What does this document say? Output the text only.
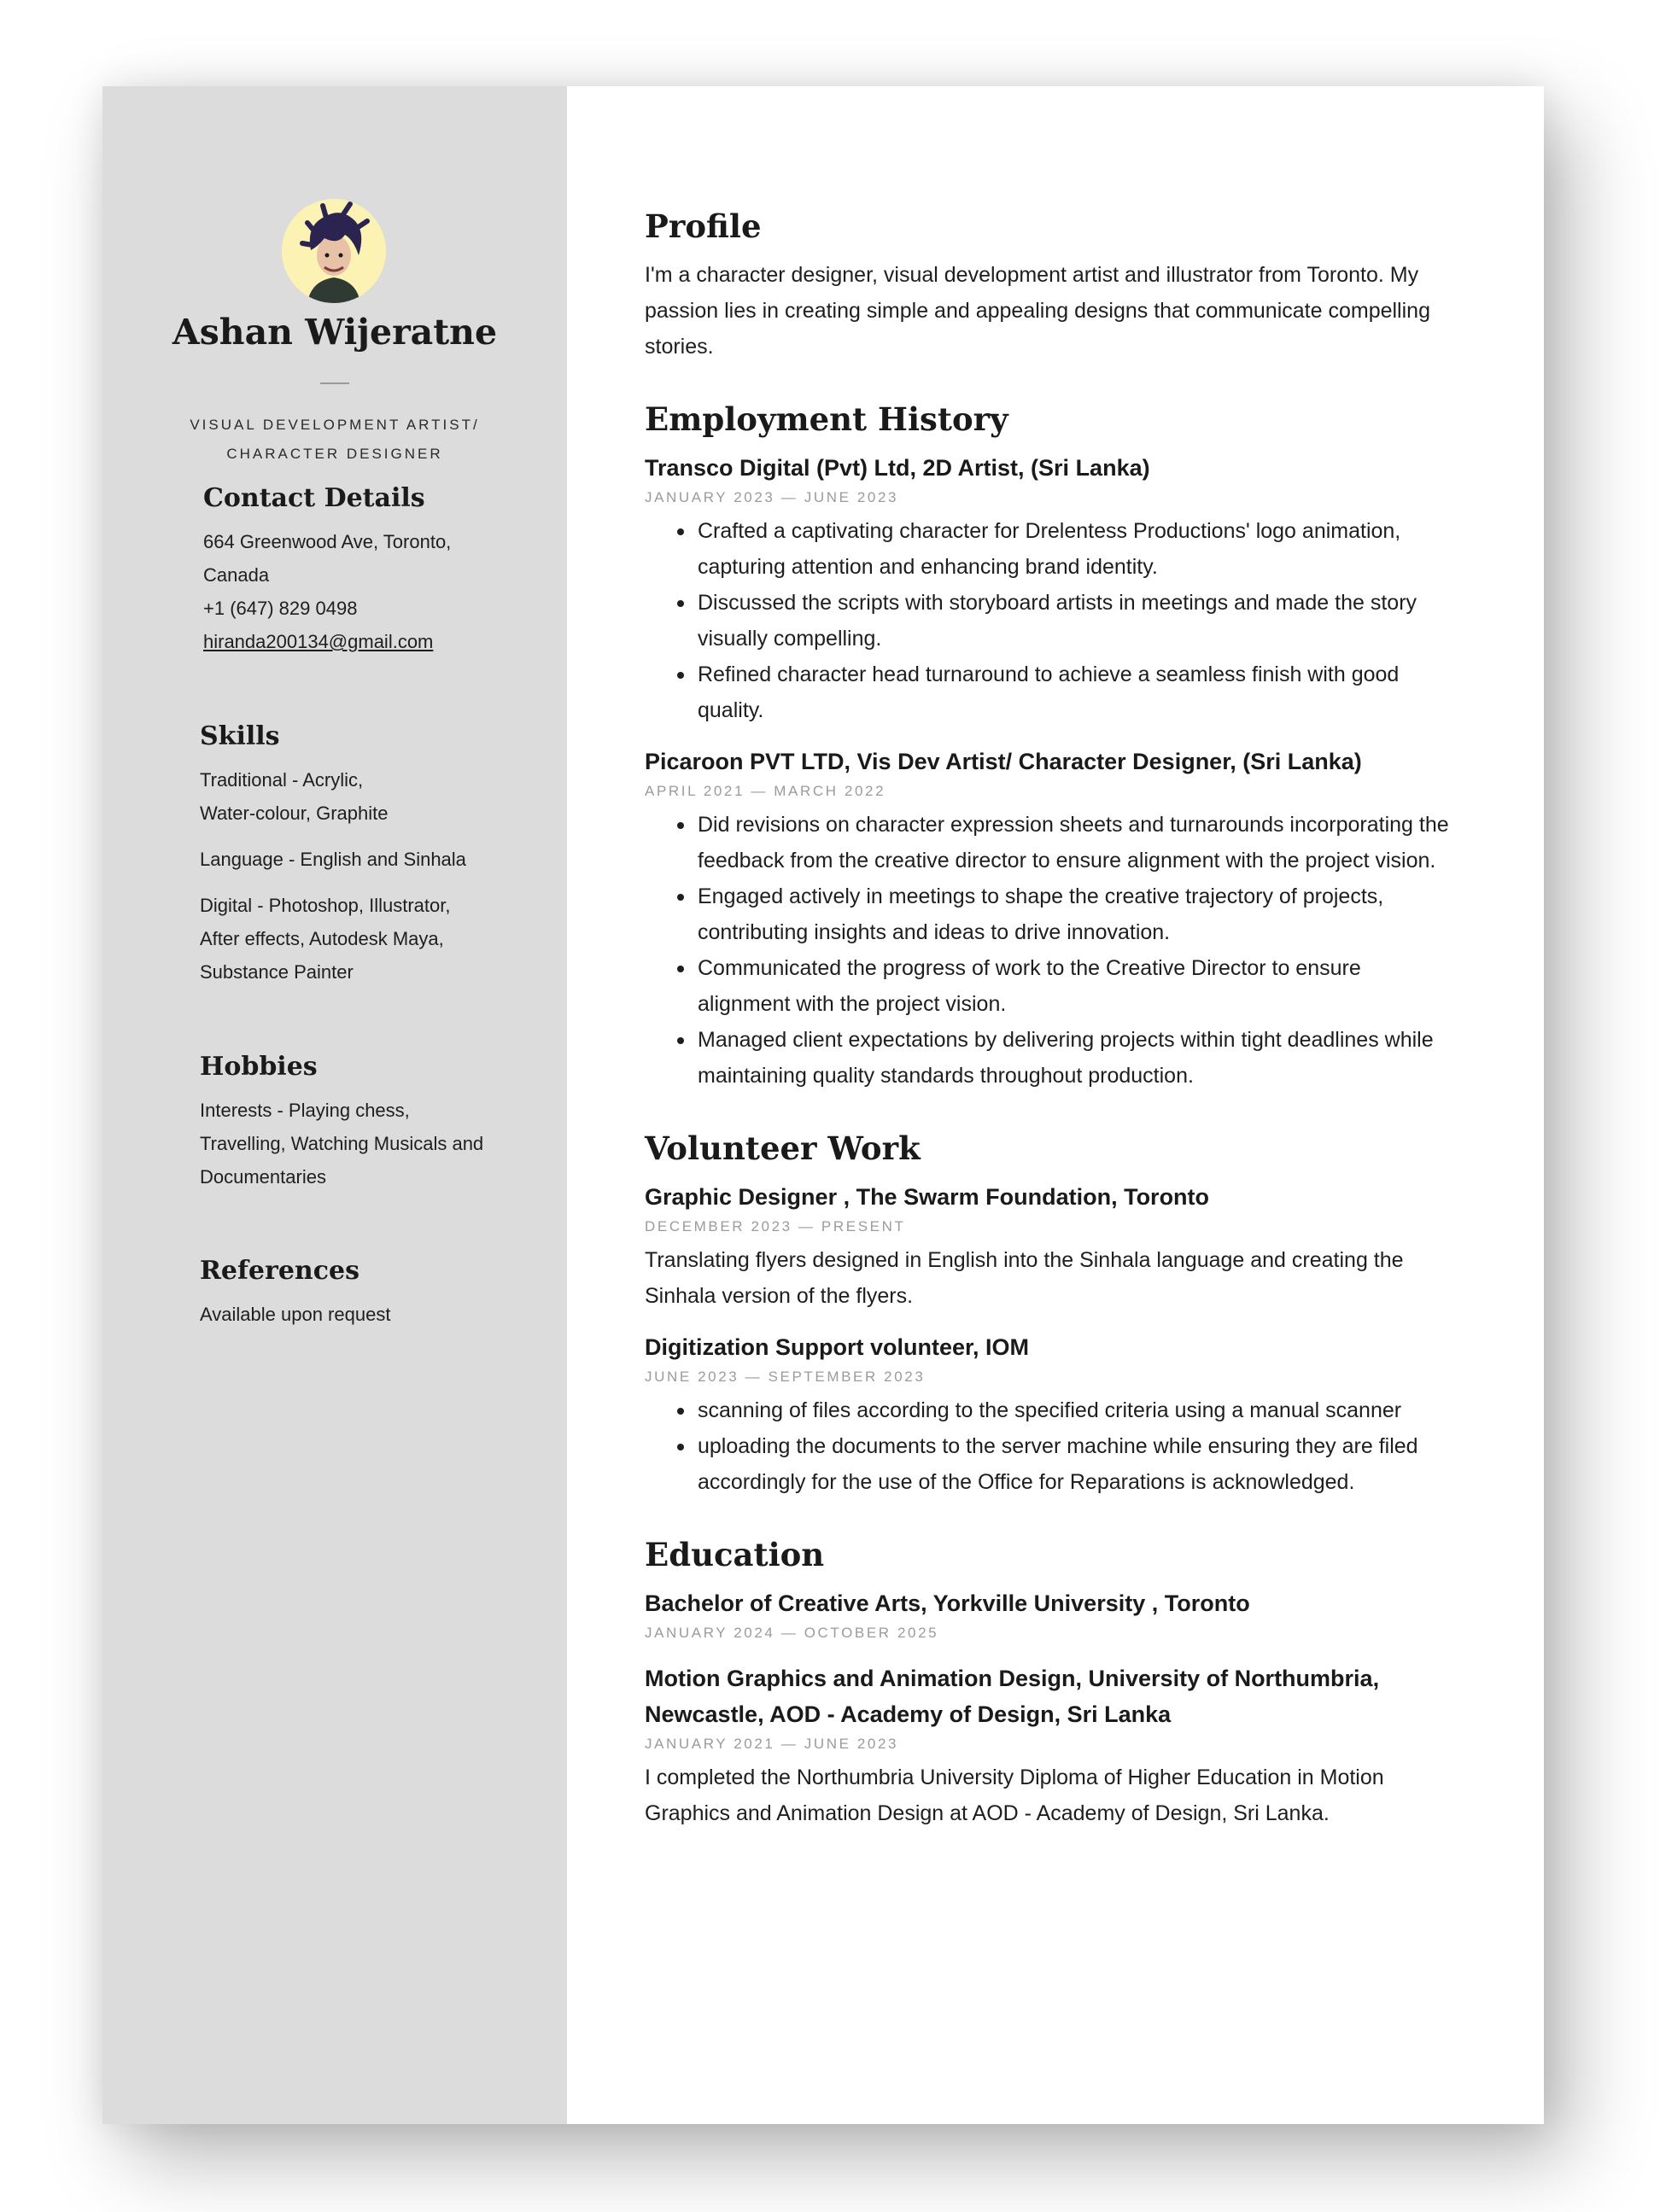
Ashan Wijeratne
VISUAL DEVELOPMENT ARTIST/
CHARACTER DESIGNER
Contact Details
664 Greenwood Ave, Toronto,
Canada
+1 (647) 829 0498
hiranda200134@gmail.com
Skills
Traditional - Acrylic,
Water-colour, Graphite
Language - English and Sinhala
Digital - Photoshop, Illustrator,
After effects, Autodesk Maya,
Substance Painter
Hobbies
Interests - Playing chess,
Travelling, Watching Musicals and
Documentaries
References
Available upon request
Profile
I'm a character designer, visual development artist and illustrator from Toronto. My
passion lies in creating simple and appealing designs that communicate compelling
stories.
Employment History
Transco Digital (Pvt) Ltd, 2D Artist, (Sri Lanka)
JANUARY 2023 — JUNE 2023
Crafted a captivating character for Drelentess Productions' logo animation,
capturing attention and enhancing brand identity.
Discussed the scripts with storyboard artists in meetings and made the story
visually compelling.
Refined character head turnaround to achieve a seamless finish with good
quality.
Picaroon PVT LTD, Vis Dev Artist/ Character Designer, (Sri Lanka)
APRIL 2021 — MARCH 2022
Did revisions on character expression sheets and turnarounds incorporating the
feedback from the creative director to ensure alignment with the project vision.
Engaged actively in meetings to shape the creative trajectory of projects,
contributing insights and ideas to drive innovation.
Communicated the progress of work to the Creative Director to ensure
alignment with the project vision.
Managed client expectations by delivering projects within tight deadlines while
maintaining quality standards throughout production.
Volunteer Work
Graphic Designer , The Swarm Foundation, Toronto
DECEMBER 2023 — PRESENT
Translating flyers designed in English into the Sinhala language and creating the
Sinhala version of the flyers.
Digitization Support volunteer, IOM
JUNE 2023 — SEPTEMBER 2023
scanning of files according to the specified criteria using a manual scanner
uploading the documents to the server machine while ensuring they are filed
accordingly for the use of the Office for Reparations is acknowledged.
Education
Bachelor of Creative Arts, Yorkville University , Toronto
JANUARY 2024 — OCTOBER 2025
Motion Graphics and Animation Design, University of Northumbria,
Newcastle, AOD - Academy of Design, Sri Lanka
JANUARY 2021 — JUNE 2023
I completed the Northumbria University Diploma of Higher Education in Motion
Graphics and Animation Design at AOD - Academy of Design, Sri Lanka.
